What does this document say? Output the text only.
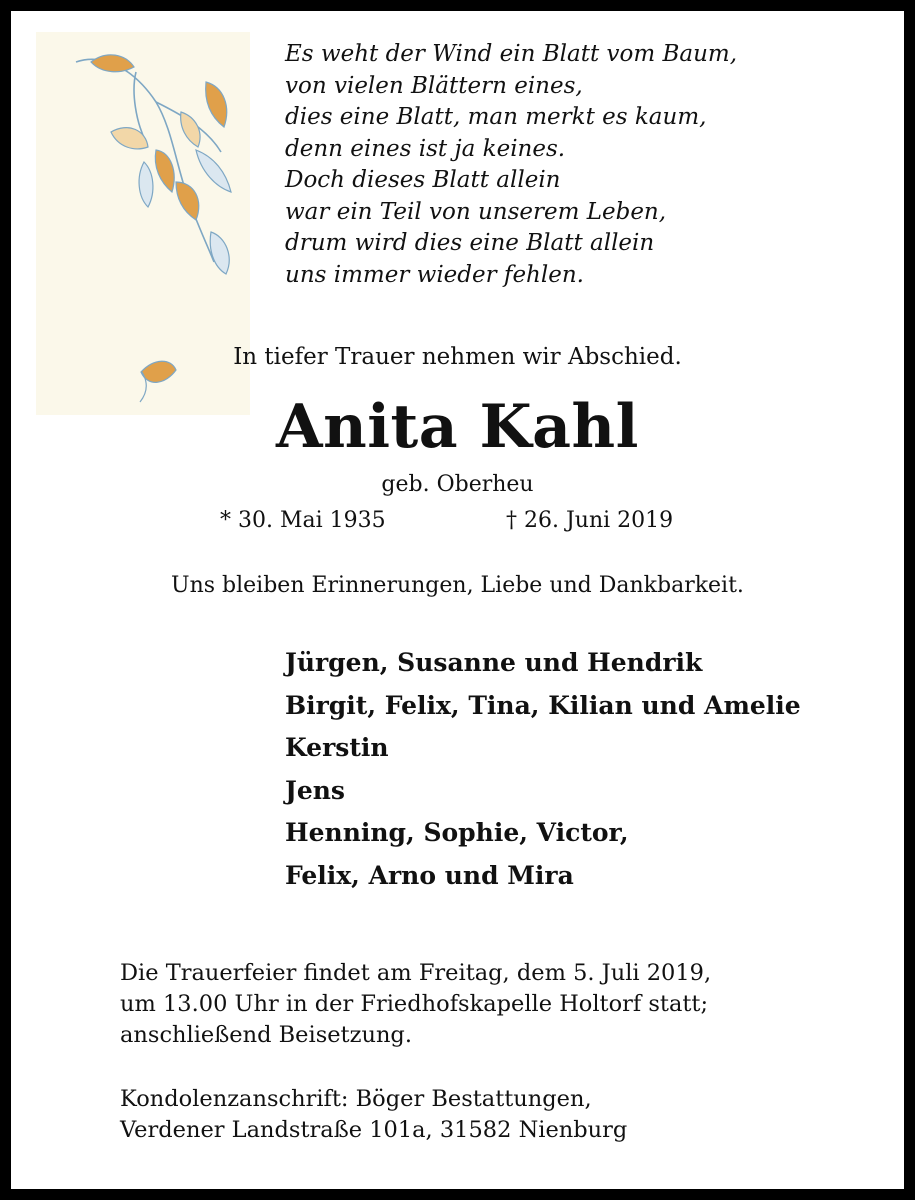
Es weht der Wind ein Blatt vom Baum,
von vielen Blättern eines,
dies eine Blatt, man merkt es kaum,
denn eines ist ja keines.
Doch dieses Blatt allein
war ein Teil von unserem Leben,
drum wird dies eine Blatt allein
uns immer wieder fehlen.
In tiefer Trauer nehmen wir Abschied.
Anita Kahl
geb. Oberheu
* 30. Mai 1935	† 26. Juni 2019
Uns bleiben Erinnerungen, Liebe und Dankbarkeit.
Jürgen, Susanne und Hendrik
Birgit, Felix, Tina, Kilian und Amelie
Kerstin
Jens
Henning, Sophie, Victor,
Felix, Arno und Mira
Die Trauerfeier findet am Freitag, dem 5. Juli 2019,
um 13.00 Uhr in der Friedhofskapelle Holtorf statt;
anschließend Beisetzung.
Kondolenzanschrift: Böger Bestattungen,
Verdener Landstraße 101a, 31582 Nienburg
